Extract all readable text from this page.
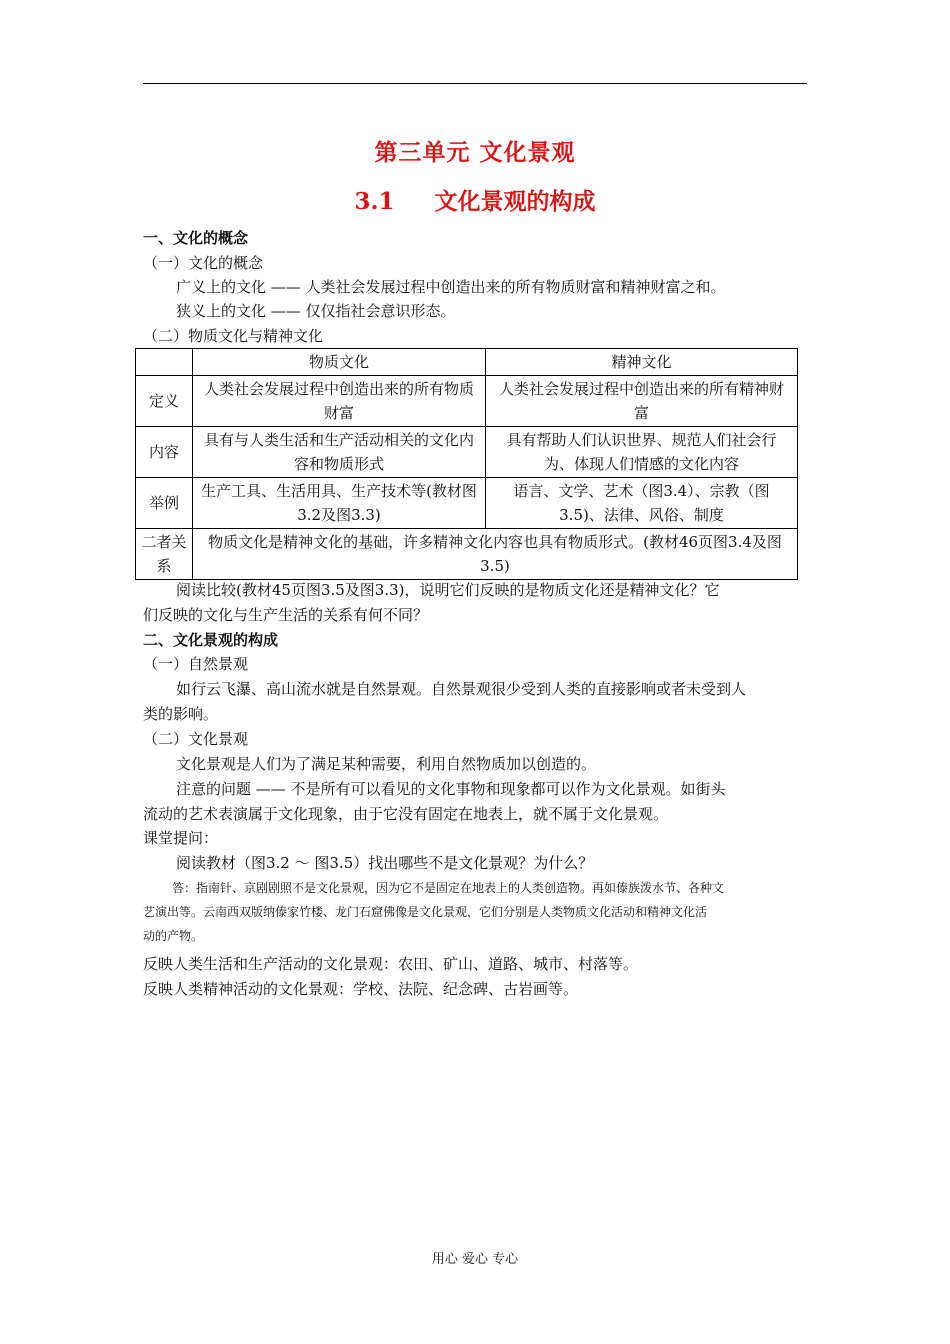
第三单元 文化景观
3.1 文化景观的构成
一、文化的概念
（一）文化的概念
广义上的文化 —— 人类社会发展过程中创造出来的所有物质财富和精神财富之和。
狭义上的文化 —— 仅仅指社会意识形态。
（二）物质文化与精神文化
	物质文化	精神文化
定义	人类社会发展过程中创造出来的所有物质财富	人类社会发展过程中创造出来的所有精神财富
内容	具有与人类生活和生产活动相关的文化内容和物质形式	具有帮助人们认识世界、规范人们社会行为、体现人们情感的文化内容
举例	生产工具、生活用具、生产技术等(教材图3.2及图3.3)	语言、文学、艺术（图3.4）、宗教（图3.5)、法律、风俗、制度
二者关系	物质文化是精神文化的基础，许多精神文化内容也具有物质形式。(教材46页图3.4及图3.5)	
阅读比较(教材45页图3.5及图3.3)，说明它们反映的是物质文化还是精神文化？它
们反映的文化与生产生活的关系有何不同？
二、文化景观的构成
（一）自然景观
如行云飞瀑、高山流水就是自然景观。自然景观很少受到人类的直接影响或者未受到人
类的影响。
（二）文化景观
文化景观是人们为了满足某种需要，利用自然物质加以创造的。
注意的问题 —— 不是所有可以看见的文化事物和现象都可以作为文化景观。如街头
流动的艺术表演属于文化现象，由于它没有固定在地表上，就不属于文化景观。
课堂提问：
阅读教材（图3.2 ～ 图3.5）找出哪些不是文化景观？为什么？
答：指南针、京剧剧照不是文化景观，因为它不是固定在地表上的人类创造物。再如傣族泼水节、各种文
艺演出等。云南西双版纳傣家竹楼、龙门石窟佛像是文化景观，它们分别是人类物质文化活动和精神文化活
动的产物。
反映人类生活和生产活动的文化景观：农田、矿山、道路、城市、村落等。
反映人类精神活动的文化景观：学校、法院、纪念碑、古岩画等。
用心 爱心 专心
